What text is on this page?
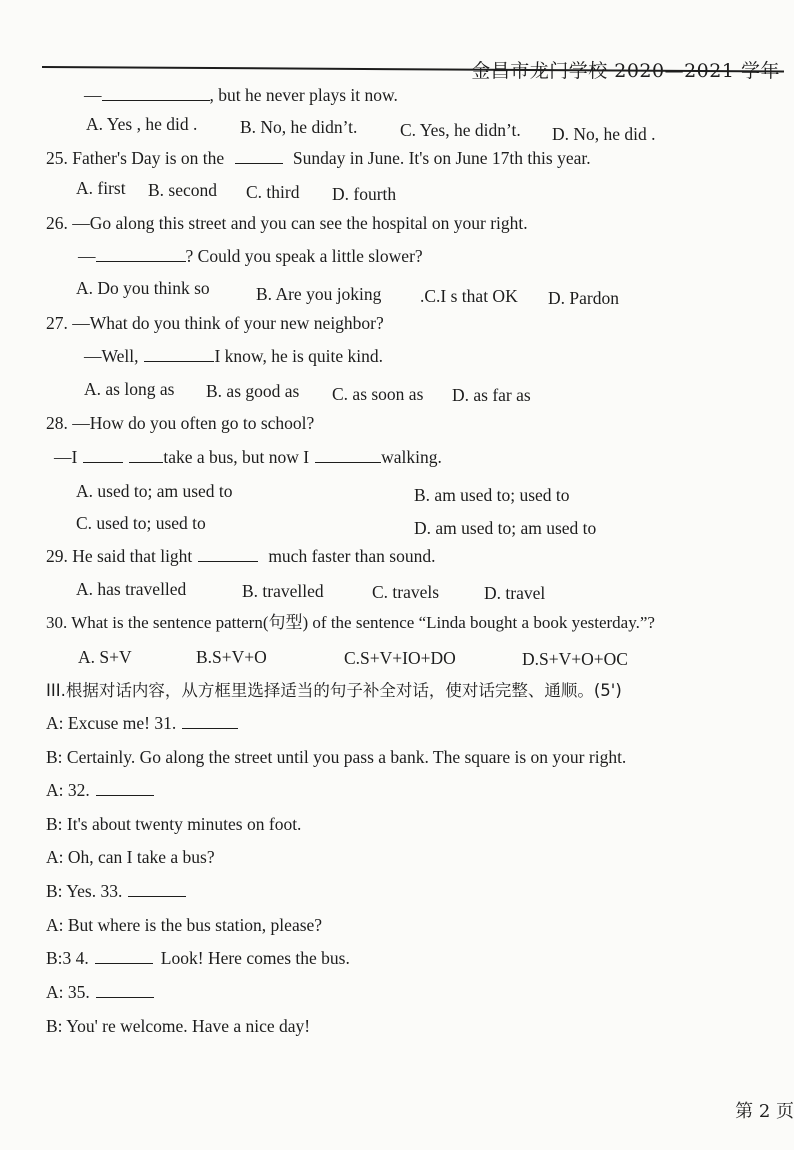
金昌市龙门学校 2020—2021 学年
—	, but he never plays it now.
A. Yes , he did . B. No, he didn’t. C. Yes, he didn’t. D. No, he did .
25. Father's Day is on the	Sunday in June. It's on June 17th this year.
A. first B. second C. third D. fourth
26. —Go along this street and you can see the hospital on your right.
—	? Could you speak a little slower?
A. Do you think so	B. Are you joking .C.I s that OK D. Pardon
27. —What do you think of your new neighbor?
—Well,	I know, he is quite kind.
A. as long as B. as good as C. as soon as D. as far as
28. —How do you often go to school?
—I	take a bus, but now I	walking.
A. used to; am used to	B. am used to; used to
C. used to; used to	D. am used to; am used to
29. He said that light	much faster than sound.
A. has travelled	B. travelled	C. travels	D. travel
30. What is the sentence pattern(句型) of the sentence “Linda bought a book yesterday.”?
A. S+V	B.S+V+O	C.S+V+IO+DO	D.S+V+O+OC
III.根据对话内容，从方框里选择适当的句子补全对话，使对话完整、通顺。(5')
A: Excuse me! 31.
B: Certainly. Go along the street until you pass a bank. The square is on your right.
A: 32.
B: It's about twenty minutes on foot.
A: Oh, can I take a bus?
B: Yes. 33.
A: But where is the bus station, please?
B:3 4.	Look! Here comes the bus.
A: 35.
B: You' re welcome. Have a nice day!
第 2 页
